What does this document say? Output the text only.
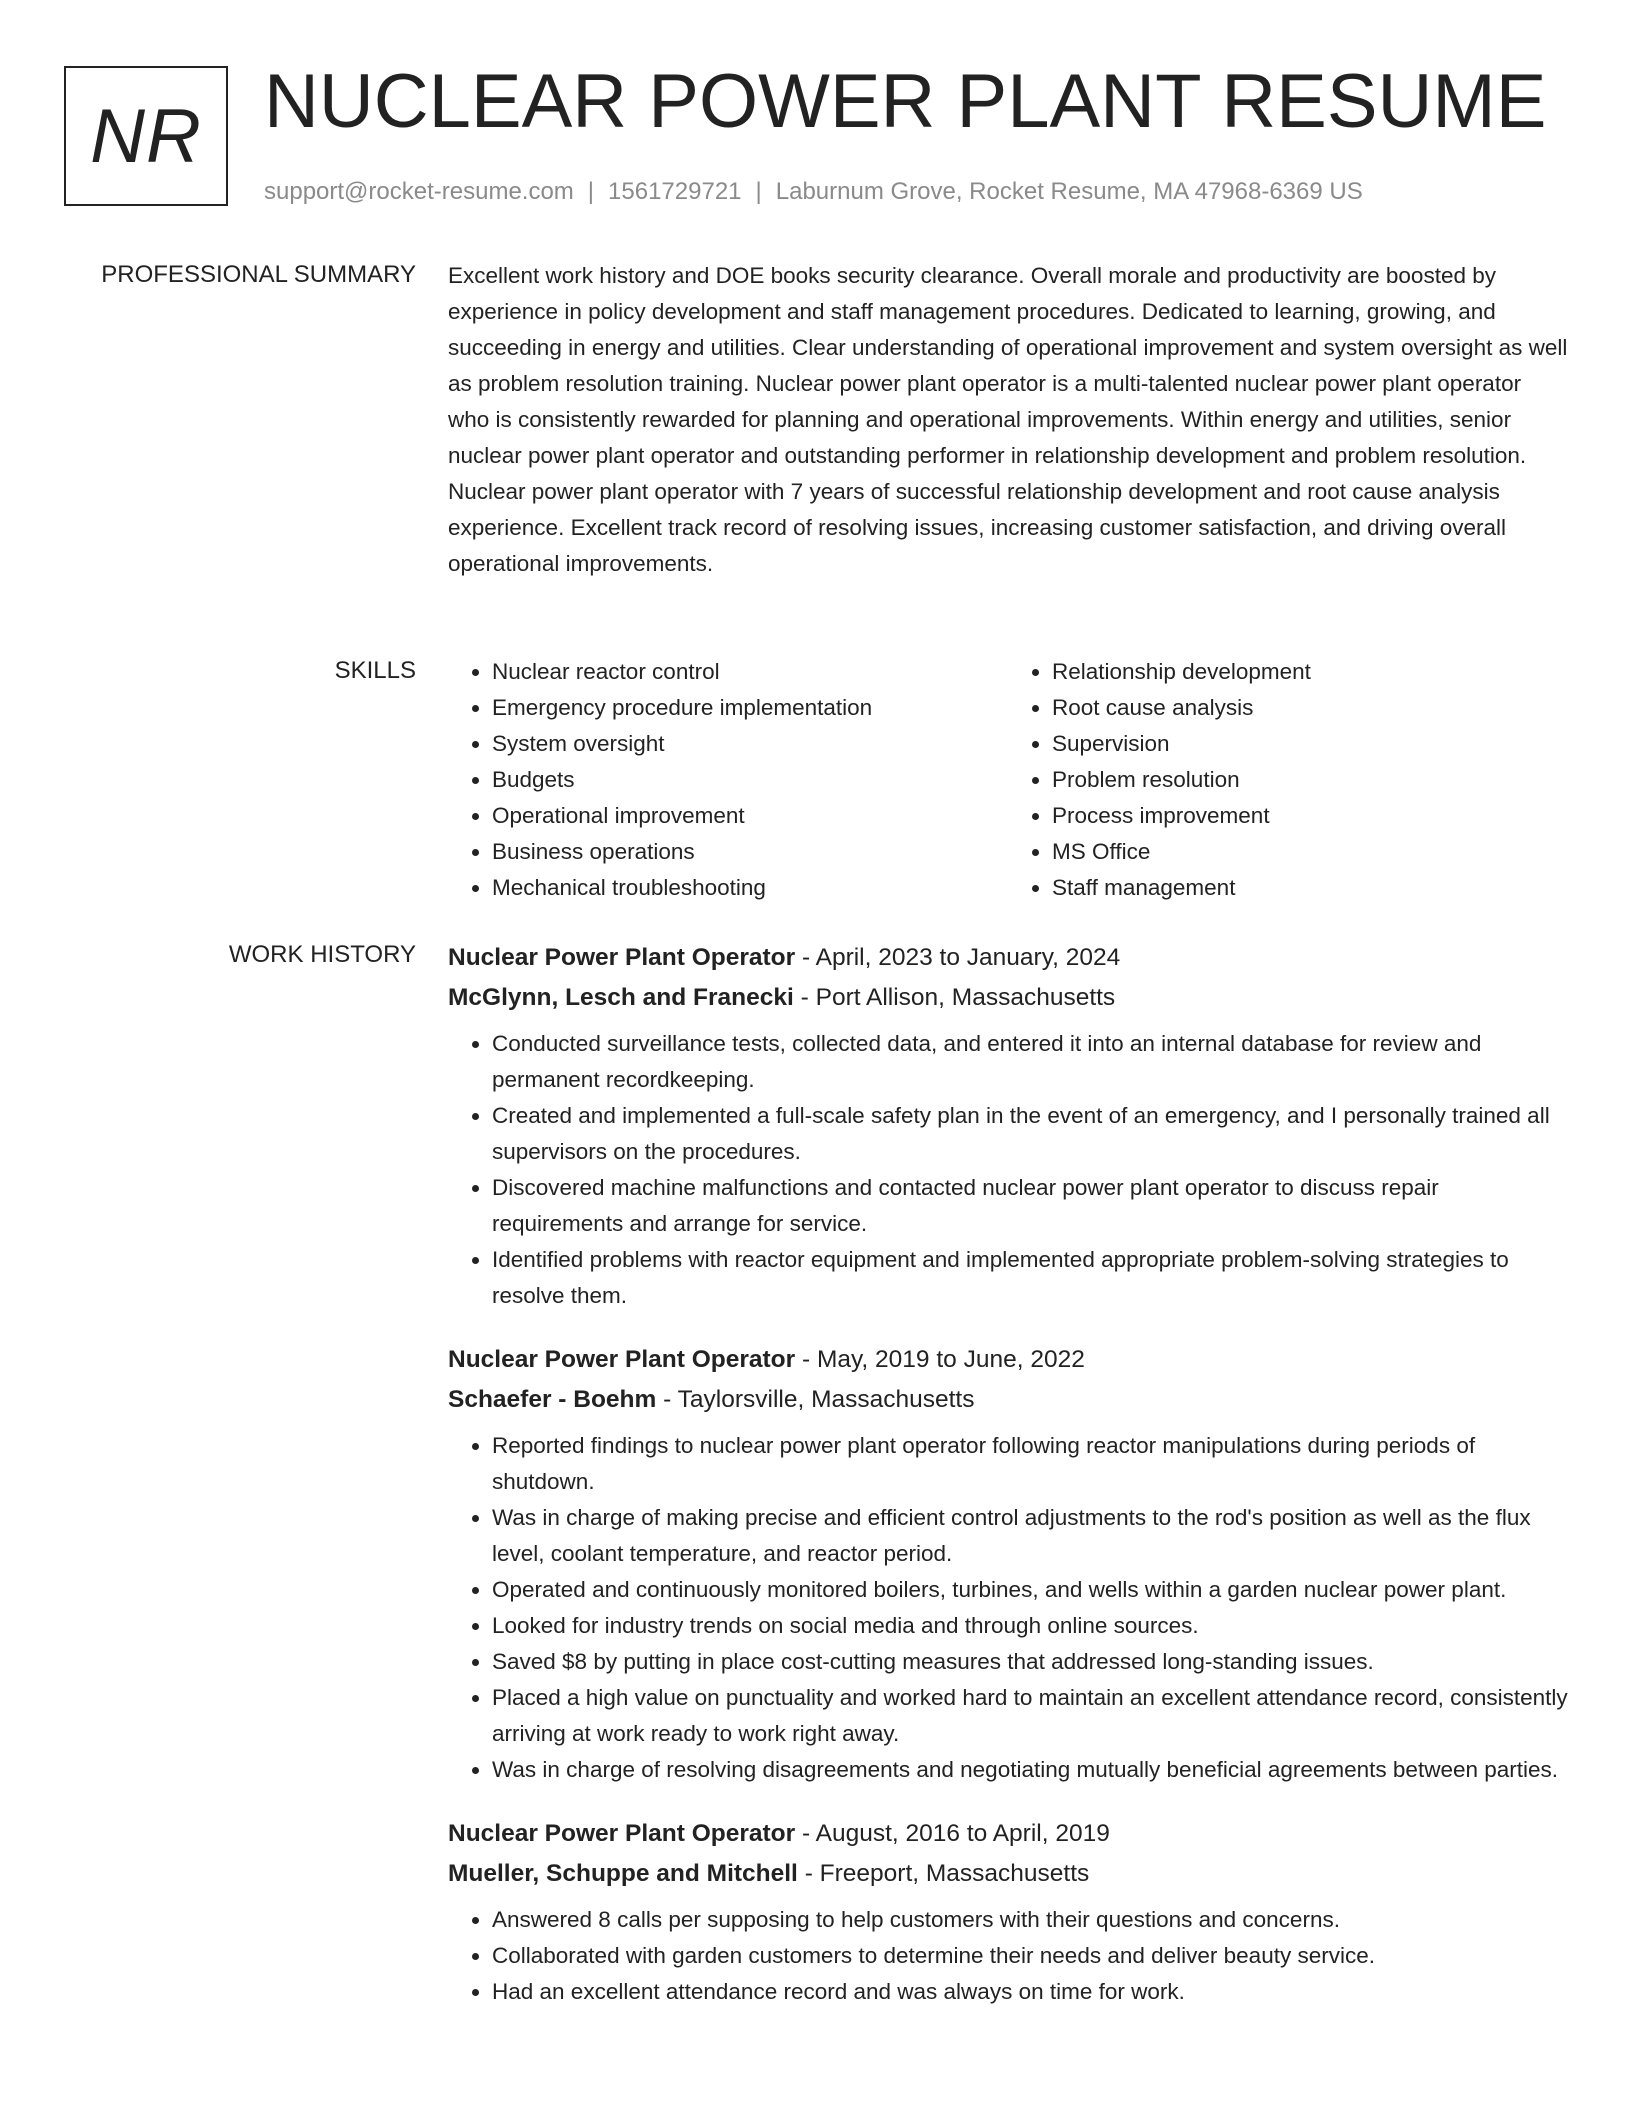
NR NUCLEAR POWER PLANT RESUME
support@rocket-resume.com | 1561729721 | Laburnum Grove, Rocket Resume, MA 47968-6369 US
PROFESSIONAL SUMMARY Excellent work history and DOE books security clearance. Overall morale and productivity are boosted by experience in policy development and staff management procedures. Dedicated to learning, growing, and succeeding in energy and utilities. Clear understanding of operational improvement and system oversight as well as problem resolution training. Nuclear power plant operator is a multi-talented nuclear power plant operator who is consistently rewarded for planning and operational improvements. Within energy and utilities, senior nuclear power plant operator and outstanding performer in relationship development and problem resolution. Nuclear power plant operator with 7 years of successful relationship development and root cause analysis experience. Excellent track record of resolving issues, increasing customer satisfaction, and driving overall operational improvements.

SKILLS
•	Nuclear reactor control
• Emergency procedure implementation
• System oversight
• Budgets
• Operational improvement
• Business operations
• Mechanical troubleshooting
• Relationship development
• Root cause analysis
• Supervision
• Problem resolution
• Process improvement
• MS Office
• Staff management
WORK HISTORY Nuclear Power Plant Operator - April, 2023 to January, 2024
McGlynn, Lesch and Franecki - Port Allison, Massachusetts
• Conducted surveillance tests, collected data, and entered it into an internal database for review and permanent recordkeeping.
• Created and implemented a full-scale safety plan in the event of an emergency, and I personally trained all supervisors on the procedures.
• Discovered machine malfunctions and contacted nuclear power plant operator to discuss repair requirements and arrange for service.
• Identified problems with reactor equipment and implemented appropriate problem-solving strategies to resolve them.
Nuclear Power Plant Operator - May, 2019 to June, 2022
Schaefer - Boehm - Taylorsville, Massachusetts
• Reported findings to nuclear power plant operator following reactor manipulations during periods of shutdown.
• Was in charge of making precise and efficient control adjustments to the rod's position as well as the flux level, coolant temperature, and reactor period.
• Operated and continuously monitored boilers, turbines, and wells within a garden nuclear power plant.
• Looked for industry trends on social media and through online sources.
• Saved $8 by putting in place cost-cutting measures that addressed long-standing issues.
• Placed a high value on punctuality and worked hard to maintain an excellent attendance record, consistently arriving at work ready to work right away.
• Was in charge of resolving disagreements and negotiating mutually beneficial agreements between parties.
Nuclear Power Plant Operator - August, 2016 to April, 2019
Mueller, Schuppe and Mitchell - Freeport, Massachusetts
• Answered 8 calls per supposing to help customers with their questions and concerns.
• Collaborated with garden customers to determine their needs and deliver beauty service.
• Had an excellent attendance record and was always on time for work.
